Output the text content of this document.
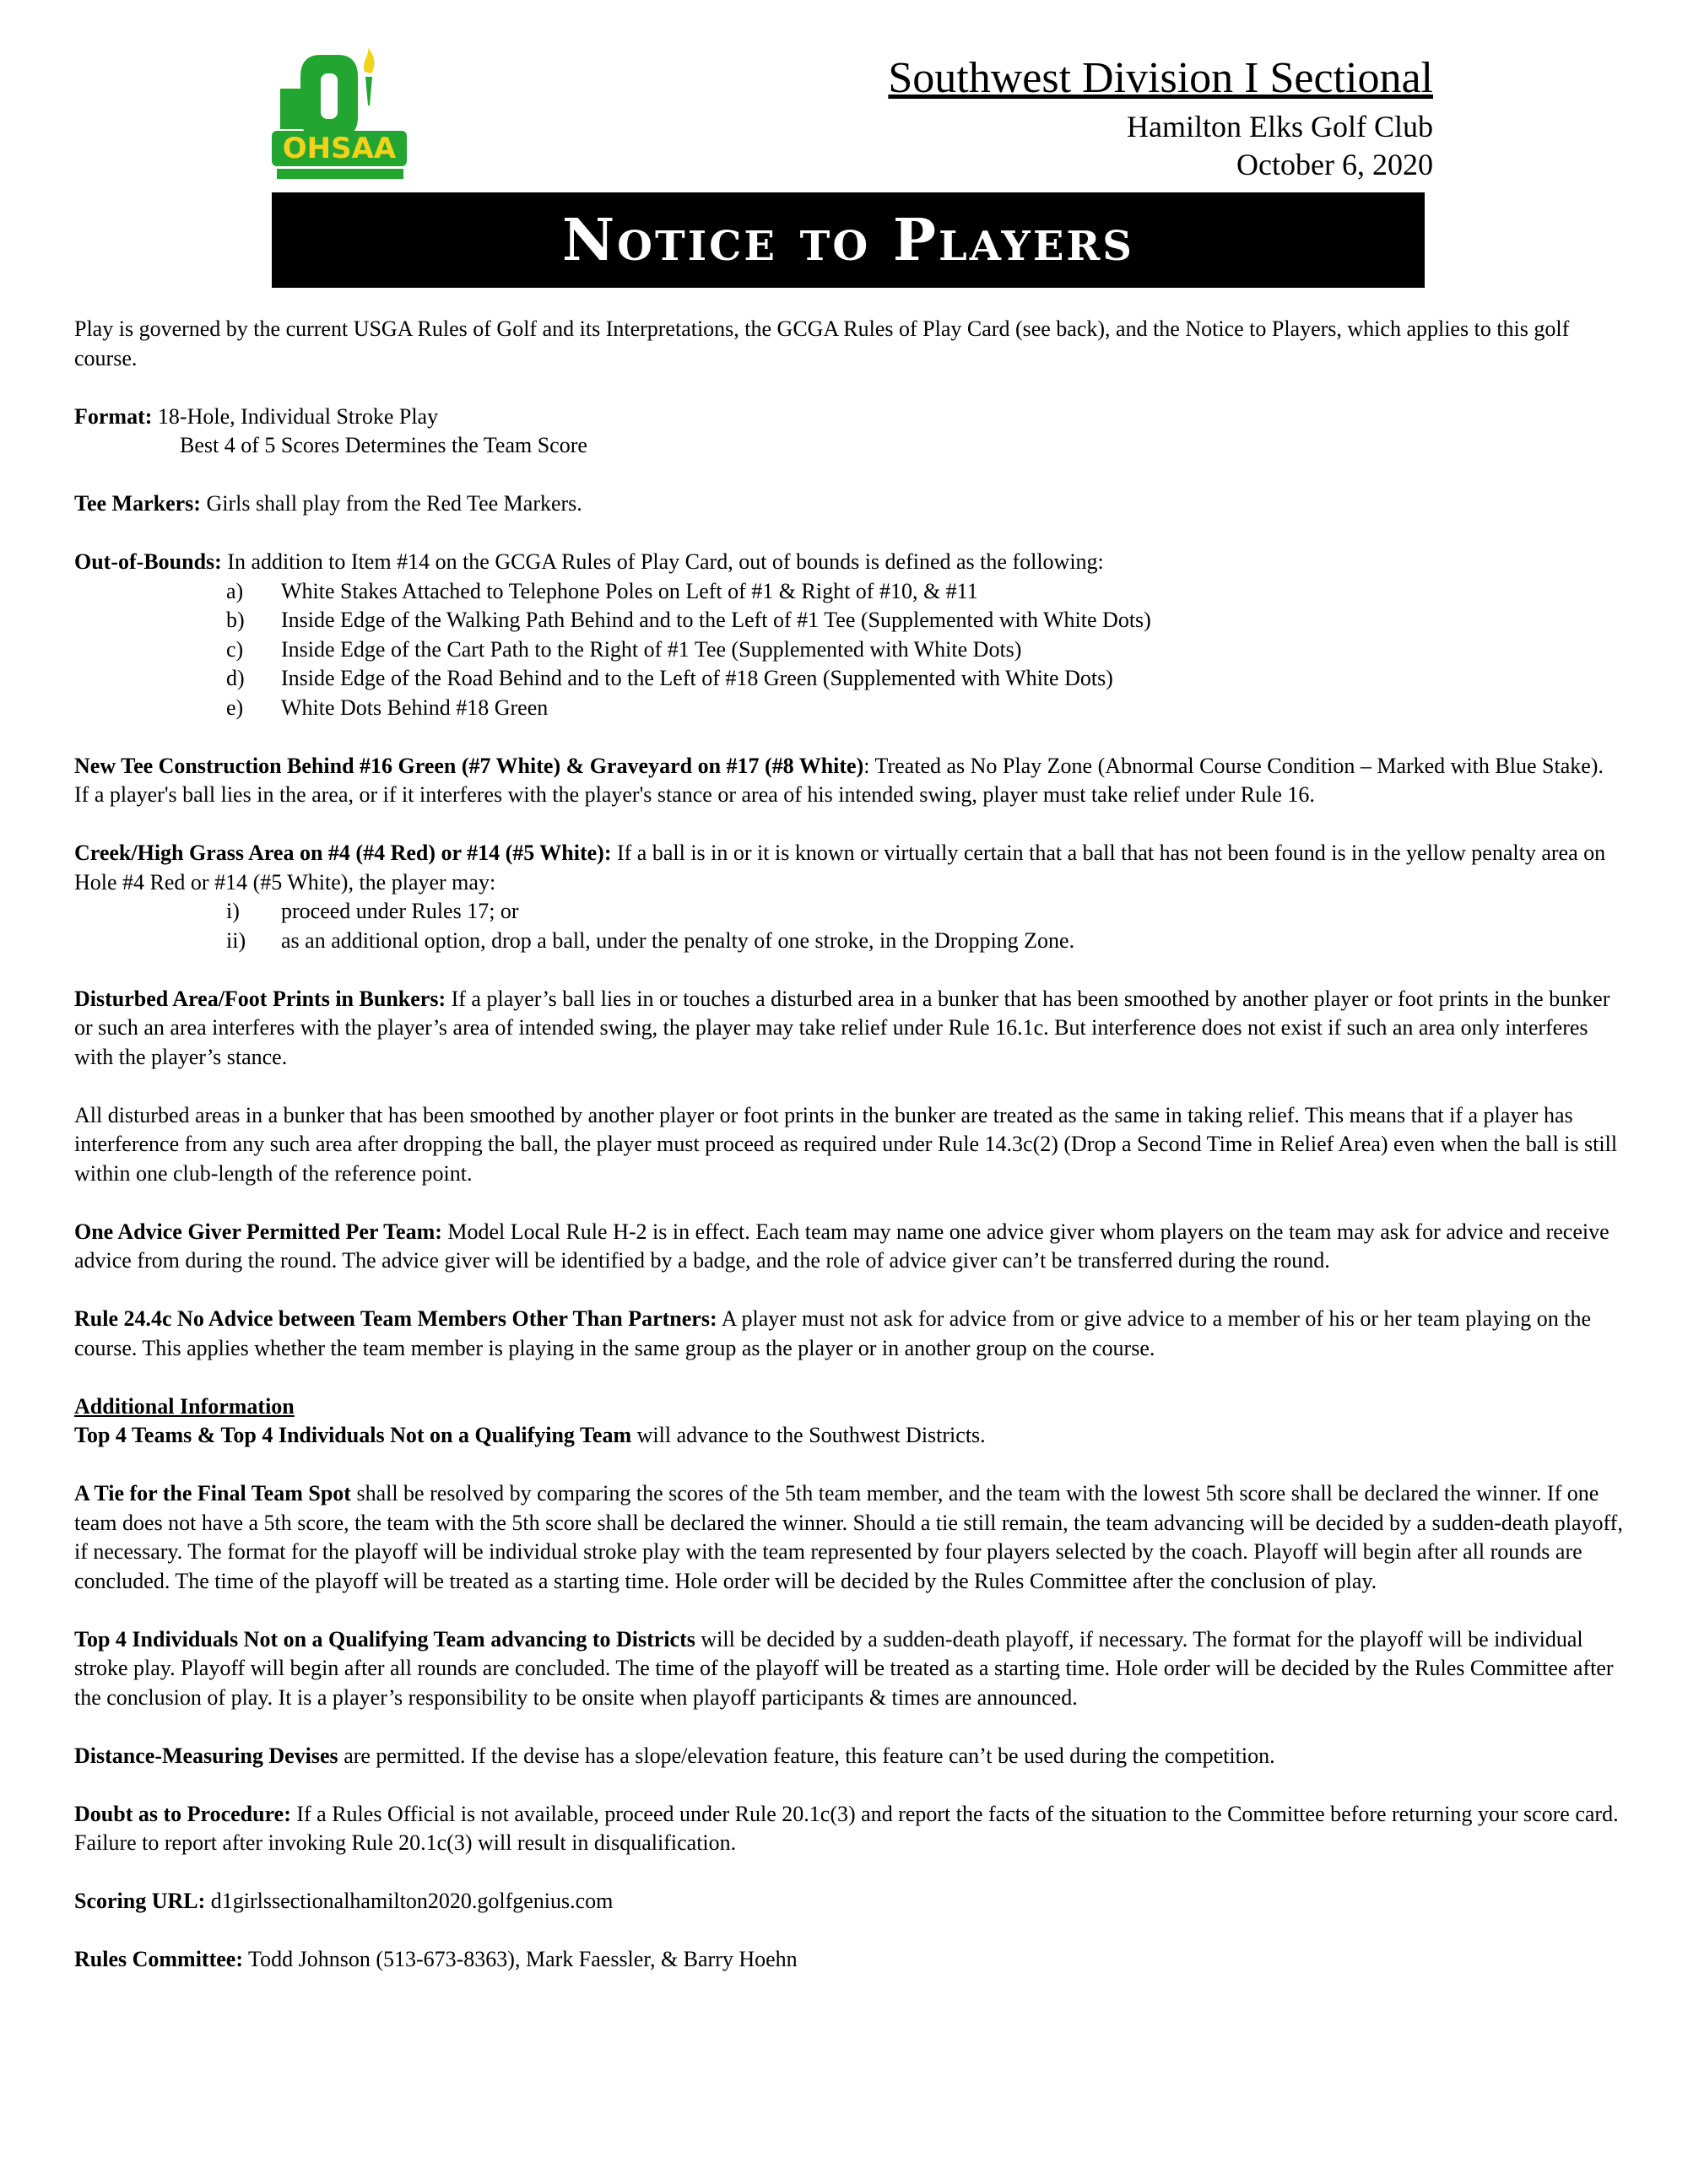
OHSAA
Southwest Division I Sectional
Hamilton Elks Golf Club
October 6, 2020
Notice to Players

Play is governed by the current USGA Rules of Golf and its Interpretations, the GCGA Rules of Play Card (see back), and the Notice to Players, which applies to this golf course.

Format: 18-Hole, Individual Stroke Play

Best 4 of 5 Scores Determines the Team Score

Tee Markers: Girls shall play from the Red Tee Markers.

Out-of-Bounds: In addition to Item #14 on the GCGA Rules of Play Card, out of bounds is defined as the following:

a)	White Stakes Attached to Telephone Poles on Left of #1 & Right of #10, & #11
b)	Inside Edge of the Walking Path Behind and to the Left of #1 Tee (Supplemented with White Dots)
c)	Inside Edge of the Cart Path to the Right of #1 Tee (Supplemented with White Dots)
d)	Inside Edge of the Road Behind and to the Left of #18 Green (Supplemented with White Dots)
e)	White Dots Behind #18 Green

New Tee Construction Behind #16 Green (#7 White) & Graveyard on #17 (#8 White): Treated as No Play Zone (Abnormal Course Condition – Marked with Blue Stake). If a player's ball lies in the area, or if it interferes with the player's stance or area of his intended swing, player must take relief under Rule 16.

Creek/High Grass Area on #4 (#4 Red) or #14 (#5 White): If a ball is in or it is known or virtually certain that a ball that has not been found is in the yellow penalty area on Hole #4 Red or #14 (#5 White), the player may:

i)	proceed under Rules 17; or
ii)	as an additional option, drop a ball, under the penalty of one stroke, in the Dropping Zone.

Disturbed Area/Foot Prints in Bunkers: If a player’s ball lies in or touches a disturbed area in a bunker that has been smoothed by another player or foot prints in the bunker or such an area interferes with the player’s area of intended swing, the player may take relief under Rule 16.1c. But interference does not exist if such an area only interferes with the player’s stance.

All disturbed areas in a bunker that has been smoothed by another player or foot prints in the bunker are treated as the same in taking relief. This means that if a player has interference from any such area after dropping the ball, the player must proceed as required under Rule 14.3c(2) (Drop a Second Time in Relief Area) even when the ball is still within one club-length of the reference point.

One Advice Giver Permitted Per Team: Model Local Rule H-2 is in effect. Each team may name one advice giver whom players on the team may ask for advice and receive advice from during the round. The advice giver will be identified by a badge, and the role of advice giver can’t be transferred during the round.

Rule 24.4c No Advice between Team Members Other Than Partners: A player must not ask for advice from or give advice to a member of his or her team playing on the course. This applies whether the team member is playing in the same group as the player or in another group on the course.

Additional Information

Top 4 Teams & Top 4 Individuals Not on a Qualifying Team will advance to the Southwest Districts.

A Tie for the Final Team Spot shall be resolved by comparing the scores of the 5th team member, and the team with the lowest 5th score shall be declared the winner. If one team does not have a 5th score, the team with the 5th score shall be declared the winner. Should a tie still remain, the team advancing will be decided by a sudden-death playoff, if necessary. The format for the playoff will be individual stroke play with the team represented by four players selected by the coach. Playoff will begin after all rounds are concluded. The time of the playoff will be treated as a starting time. Hole order will be decided by the Rules Committee after the conclusion of play.

Top 4 Individuals Not on a Qualifying Team advancing to Districts will be decided by a sudden-death playoff, if necessary. The format for the playoff will be individual stroke play. Playoff will begin after all rounds are concluded. The time of the playoff will be treated as a starting time. Hole order will be decided by the Rules Committee after the conclusion of play. It is a player’s responsibility to be onsite when playoff participants & times are announced.

Distance-Measuring Devises are permitted. If the devise has a slope/elevation feature, this feature can’t be used during the competition.

Doubt as to Procedure: If a Rules Official is not available, proceed under Rule 20.1c(3) and report the facts of the situation to the Committee before returning your score card. Failure to report after invoking Rule 20.1c(3) will result in disqualification.

Scoring URL: d1girlssectionalhamilton2020.golfgenius.com

Rules Committee: Todd Johnson (513-673-8363), Mark Faessler, & Barry Hoehn
